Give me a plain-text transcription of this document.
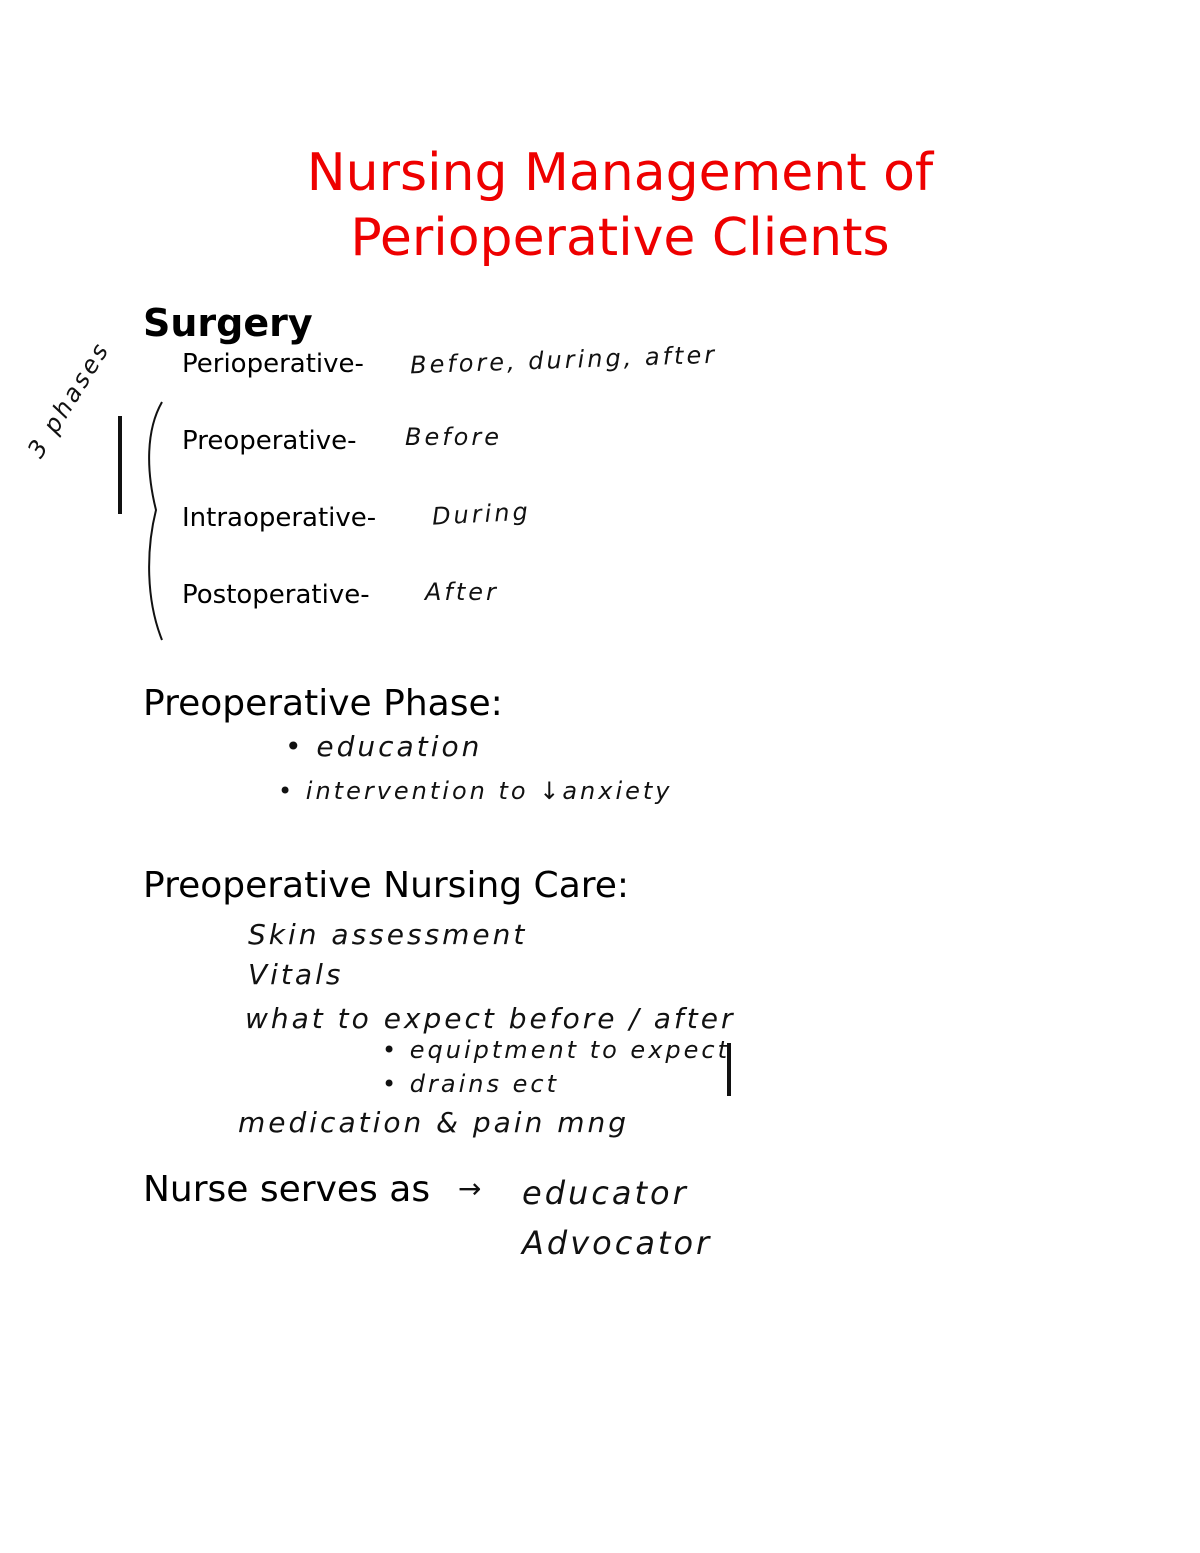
Nursing Management of
Perioperative Clients
Surgery
Perioperative- Before, during, after
Preoperative- Before
Intraoperative- During
Postoperative- After
3 phases
Preoperative Phase:
• education
• intervention to ↓anxiety
Preoperative Nursing Care:
Skin assessment
Vitals
what to expect before / after
• equiptment to expect
• drains ect
medication & pain mng
Nurse serves as → educator
Advocator
